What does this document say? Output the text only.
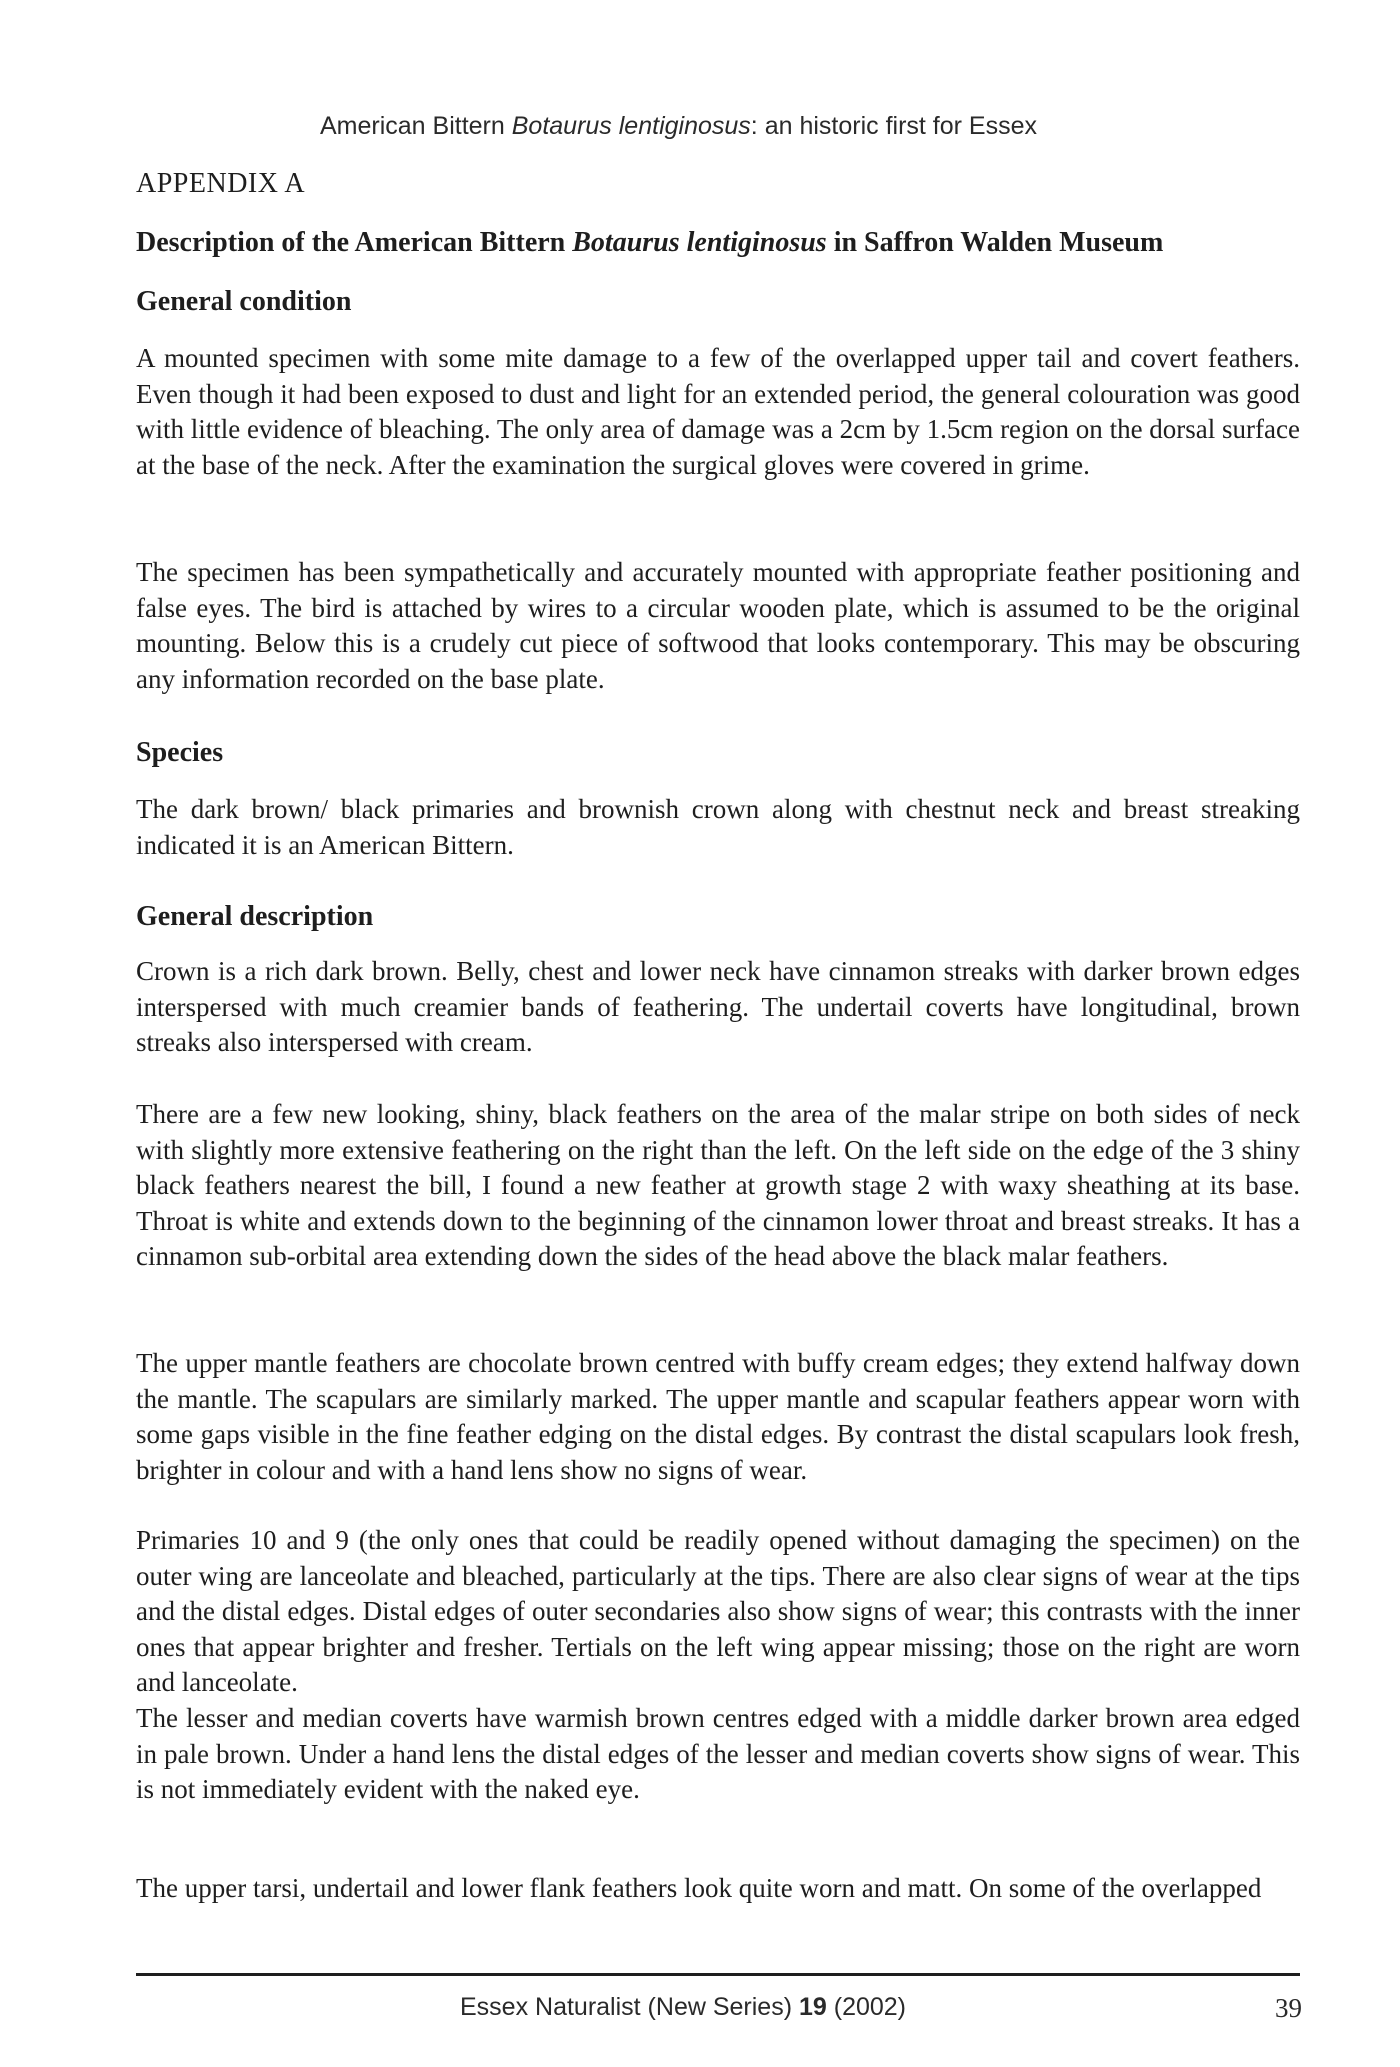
American Bittern Botaurus lentiginosus: an historic first for Essex
APPENDIX A
Description of the American Bittern Botaurus lentiginosus in Saffron Walden Museum
General condition
A mounted specimen with some mite damage to a few of the overlapped upper tail and covert feathers. Even though it had been exposed to dust and light for an extended period, the general colouration was good with little evidence of bleaching. The only area of damage was a 2cm by 1.5cm region on the dorsal surface at the base of the neck. After the examination the surgical gloves were covered in grime.
The specimen has been sympathetically and accurately mounted with appropriate feather positioning and false eyes. The bird is attached by wires to a circular wooden plate, which is assumed to be the original mounting. Below this is a crudely cut piece of softwood that looks contemporary. This may be obscuring any information recorded on the base plate.
Species
The dark brown/ black primaries and brownish crown along with chestnut neck and breast streaking indicated it is an American Bittern.
General description
Crown is a rich dark brown. Belly, chest and lower neck have cinnamon streaks with darker brown edges interspersed with much creamier bands of feathering. The undertail coverts have longitudinal, brown streaks also interspersed with cream.
There are a few new looking, shiny, black feathers on the area of the malar stripe on both sides of neck with slightly more extensive feathering on the right than the left. On the left side on the edge of the 3 shiny black feathers nearest the bill, I found a new feather at growth stage 2 with waxy sheathing at its base. Throat is white and extends down to the beginning of the cinnamon lower throat and breast streaks. It has a cinnamon sub-orbital area extending down the sides of the head above the black malar feathers.
The upper mantle feathers are chocolate brown centred with buffy cream edges; they extend halfway down the mantle. The scapulars are similarly marked. The upper mantle and scapular feathers appear worn with some gaps visible in the fine feather edging on the distal edges. By contrast the distal scapulars look fresh, brighter in colour and with a hand lens show no signs of wear.
Primaries 10 and 9 (the only ones that could be readily opened without damaging the specimen) on the outer wing are lanceolate and bleached, particularly at the tips. There are also clear signs of wear at the tips and the distal edges. Distal edges of outer secondaries also show signs of wear; this contrasts with the inner ones that appear brighter and fresher. Tertials on the left wing appear missing; those on the right are worn and lanceolate.
The lesser and median coverts have warmish brown centres edged with a middle darker brown area edged in pale brown. Under a hand lens the distal edges of the lesser and median coverts show signs of wear. This is not immediately evident with the naked eye.
The upper tarsi, undertail and lower flank feathers look quite worn and matt. On some of the overlapped
Essex Naturalist (New Series) 19 (2002)	39
